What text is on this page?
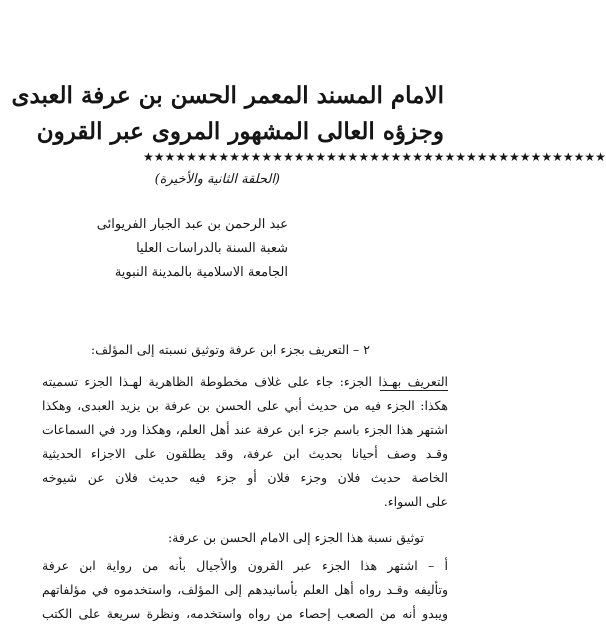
الامام المسند المعمر الحسن بن عرفة العبدى
وجزؤه العالى المشهور المروى عبر القرون
★ ★ ★ ★ ★ ★ ★ ★ ★ ★ ★ ★ ★ ★ ★ ★ ★ ★ ★ ★ ★ ★ ★ ★ ★ ★ ★ ★ ★ ★ ★ ★ ★ ★ ★ ★ ★ ★ ★ ★ ★ ★ ★
(الحلقة الثانية والأخيرة)
عبد الرحمن بن عبد الجبار الفريوائى
شعبة السنة بالدراسات العليا
الجامعة الاسلامية بالمدينة النبوية
٢ – التعريف بجزء ابن عرفة وتوثيق نسبته إلى المؤلف:
التعريف بهـذا الجزء: جاء على غلاف مخطوطة الظاهرية لهـذا الجزء تسميته
هكذا: الجزء فيه من حديث أبي على الحسن بن عرفة بن يزيد العبدى، وهكذا
اشتهر هذا الجزء باسم جزء ابن عرفة عند أهل العلم، وهكذا ورد في السماعات
وقـد وصف أحيانا بحديث ابن عرفة، وقد يطلقون على الاجزاء الحديثية
الخاصة حديث فلان وجزء فلان أو جزء فيه حديث فلان عن شيوخه
على السواء.
توثيق نسبة هذا الجزء إلى الامام الحسن بن عرفة:
أ – اشتهر هذا الجزء عبر القرون والأجيال بأنه من رواية ابن عرفة
وتأليفه وقـد رواه أهل العلم بأسانيدهم إلى المؤلف، واستخدموه في مؤلفاتهم
ويبدو أنه من الصعب إحصاء من رواه واستخدمه، ونظرة سريعة على الكتب
